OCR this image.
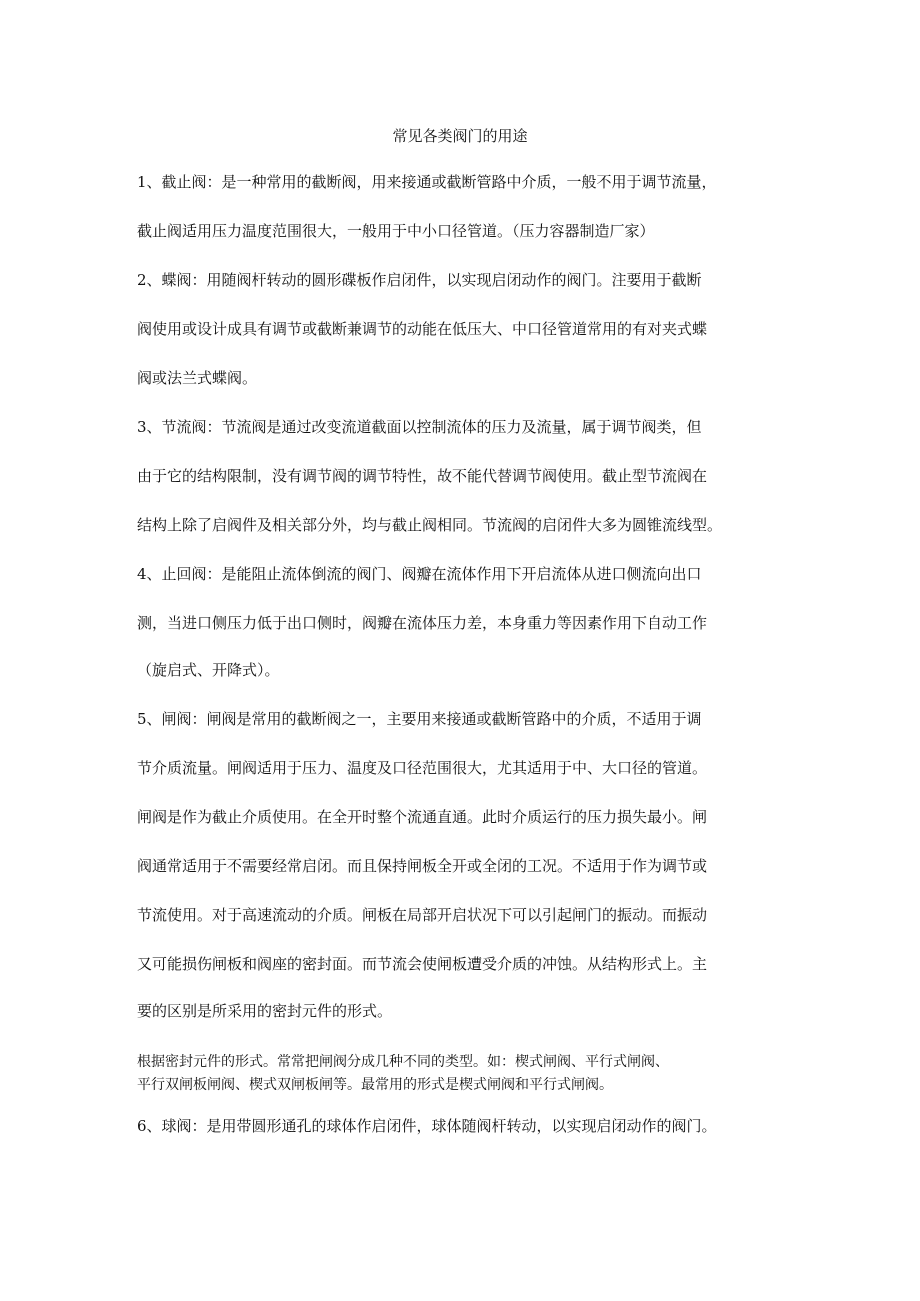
常见各类阀门的用途
1、截止阀：是一种常用的截断阀，用来接通或截断管路中介质，一般不用于调节流量，
截止阀适用压力温度范围很大，一般用于中小口径管道。（压力容器制造厂家）
2、蝶阀：用随阀杆转动的圆形碟板作启闭件，以实现启闭动作的阀门。注要用于截断
阀使用或设计成具有调节或截断兼调节的动能在低压大、中口径管道常用的有对夹式蝶
阀或法兰式蝶阀。
3、节流阀：节流阀是通过改变流道截面以控制流体的压力及流量，属于调节阀类，但
由于它的结构限制，没有调节阀的调节特性，故不能代替调节阀使用。截止型节流阀在
结构上除了启阀件及相关部分外，均与截止阀相同。节流阀的启闭件大多为圆锥流线型。
4、止回阀：是能阻止流体倒流的阀门、阀瓣在流体作用下开启流体从进口侧流向出口
测，当进口侧压力低于出口侧时，阀瓣在流体压力差，本身重力等因素作用下自动工作
（旋启式、开降式）。
5、闸阀：闸阀是常用的截断阀之一，主要用来接通或截断管路中的介质，不适用于调
节介质流量。闸阀适用于压力、温度及口径范围很大，尤其适用于中、大口径的管道。
闸阀是作为截止介质使用。在全开时整个流通直通。此时介质运行的压力损失最小。闸
阀通常适用于不需要经常启闭。而且保持闸板全开或全闭的工况。不适用于作为调节或
节流使用。对于高速流动的介质。闸板在局部开启状况下可以引起闸门的振动。而振动
又可能损伤闸板和阀座的密封面。而节流会使闸板遭受介质的冲蚀。从结构形式上。主
要的区别是所采用的密封元件的形式。
根据密封元件的形式。常常把闸阀分成几种不同的类型。如：楔式闸阀、平行式闸阀、
平行双闸板闸阀、楔式双闸板闸等。最常用的形式是楔式闸阀和平行式闸阀。
6、球阀：是用带圆形通孔的球体作启闭件，球体随阀杆转动，以实现启闭动作的阀门。
